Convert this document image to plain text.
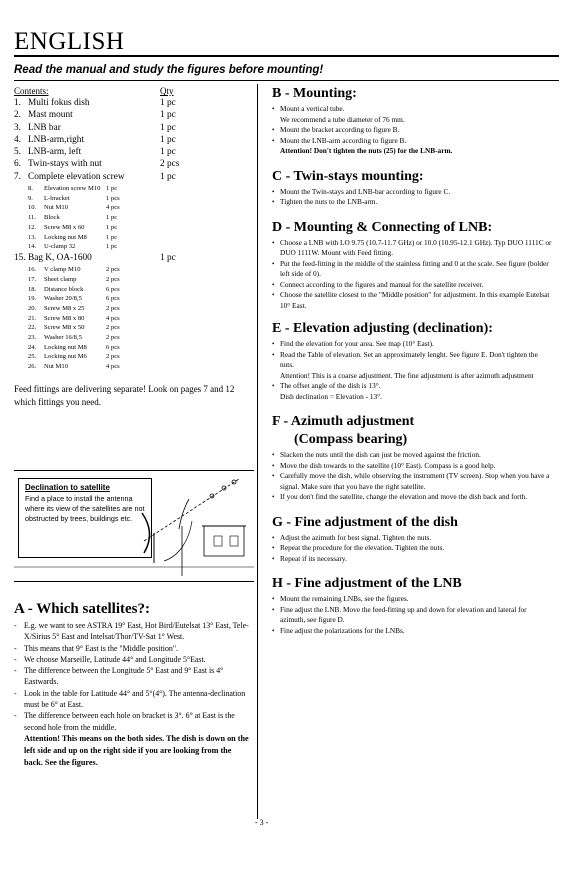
ENGLISH
Read the manual and study the figures before mounting!
Contents:	Qty
1. Multi fokus dish	1 pc
2. Mast mount	1 pc
3. LNB bar	1 pc
4. LNB-arm,right	1 pc
5. LNB-arm, left	1 pc
6. Twin-stays with nut	2 pcs
7. Complete elevation screw	1 pc
8. Elevation screw M10 1 pc
9. L-bracket	1 pcs
10. Nut M10	4 pcs
11. Block	1 pc
12. Screw M8 x 60	1 pc
13. Locking nut M8	1 pc
14. U-clamp 32	1 pc
15. Bag K, OA-1600	1 pc
16. V clamp M10	2 pcs
17. Sheet clamp	2 pcs
18. Distance block	6 pcs
19. Washer 20/8,5	6 pcs
20. Screw M8 x 25	2 pcs
21. Screw M8 x 80	4 pcs
22. Screw M8 x 50	2 pcs
23. Washer 16/8,5	2 pcs
24. Locking nut M8	6 pcs
25. Locking nut M6	2 pcs
26. Nut M10	4 pcs
Feed fittings are delivering separate! Look on pages 7 and 12 which fittings you need.
Declination to satellite
Find a place to install the antenna where its view of the satellites are not obstructed by trees, buildings etc.
A - Which satellites?:
- E.g. we want to see ASTRA 19° East, Hot Bird/Eutelsat 13° East, Tele-X/Sirius 5° East and Intelsat/Thor/TV-Sat 1° West.
- This means that 9° East is the "Middle position".
- We choose Marseille, Latitude 44° and Longitude 5°East.
- The difference between the Longitude 5° East and 9° East is 4° Eastwards.
- Look in the table for Latitude 44° and 5°(4°). The antenna-declination must be 6° at East.
- The difference between each hole on bracket is 3°. 6° at East is the second hole from the middle.
Attention! This means on the both sides. The dish is down on the left side and up on the right side if you are looking from the back. See the figures.
B - Mounting:
• Mount a vertical tube.
We recommend a tube diameter of 76 mm.
• Mount the bracket according to figure B.
• Mount the LNB-arm according to figure B.
Attention! Don't tighten the nuts (25) for the LNB-arm.
C - Twin-stays mounting:
• Mount the Twin-stays and LNB-bar according to figure C.
• Tighten the nuts to the LNB-arm.
D - Mounting & Connecting of LNB:
• Choose a LNB with LO 9.75 (10.7-11.7 GHz) or 10.0 (10.95-12.1 GHz). Typ DUO 1111C or DUO 1111W. Mount with Feed fitting.
• Put the feed-fitting in the middle of the stainless fitting and 0 at the scale. See figure (bolder left side of 0).
• Connect according to the figures and manual for the satellite receiver.
• Choose the satellite closest to the "Middle position" for adjustment. In this example Eutelsat 10° East.
E - Elevation adjusting (declination):
• Find the elevation for your area. See map (10° East).
• Read the Table of elevation. Set an approximately lenght. See figure E. Don't tighten the nuts.
Attention! This is a coarse adjustment. The fine adjustment is after azimuth adjustment
• The offset angle of the dish is 13°.
Dish declination = Elevation - 13°.
F - Azimuth adjustment
(Compass bearing)
• Slacken the nuts until the dish can just be moved against the friction.
• Move the dish towards to the satellite (10° East). Compass is a good help.
• Carefully move the dish, while observing the instrument (TV screen). Stop when you have a signal. Make sure that you have the right satellite.
• If you don't find the satellite, change the elevation and move the dish back and forth.
G - Fine adjustment of the dish
• Adjust the azimuth for best signal. Tighten the nuts.
• Repeat the procedure for the elevation. Tighten the nuts.
• Repeat if its necessary.
H - Fine adjustment of the LNB
• Mount the remaining LNBs, see the figures.
• Fine adjust the LNB. Move the feed-fitting up and down for elevation and lateral for azimuth, see figure D.
• Fine adjust the polarizations for the LNBs.
- 3 -
